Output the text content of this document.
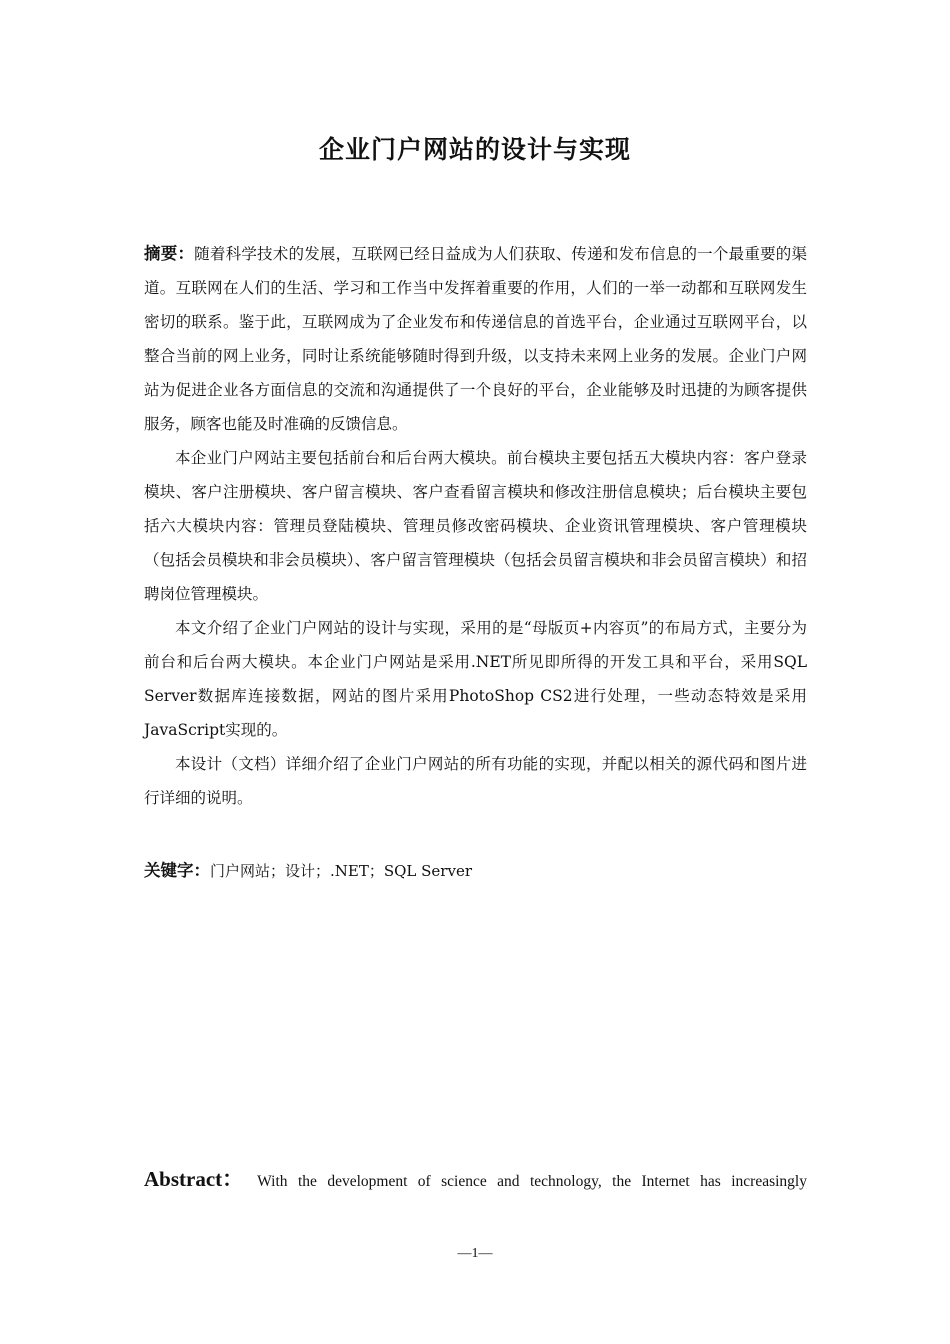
企业门户网站的设计与实现

摘要：随着科学技术的发展，互联网已经日益成为人们获取、传递和发布信息的一个最重要的渠道。互联网在人们的生活、学习和工作当中发挥着重要的作用，人们的一举一动都和互联网发生密切的联系。鉴于此，互联网成为了企业发布和传递信息的首选平台，企业通过互联网平台，以整合当前的网上业务，同时让系统能够随时得到升级，以支持未来网上业务的发展。企业门户网站为促进企业各方面信息的交流和沟通提供了一个良好的平台，企业能够及时迅捷的为顾客提供服务，顾客也能及时准确的反馈信息。

本企业门户网站主要包括前台和后台两大模块。前台模块主要包括五大模块内容：客户登录模块、客户注册模块、客户留言模块、客户查看留言模块和修改注册信息模块；后台模块主要包括六大模块内容：管理员登陆模块、管理员修改密码模块、企业资讯管理模块、客户管理模块（包括会员模块和非会员模块）、客户留言管理模块（包括会员留言模块和非会员留言模块）和招聘岗位管理模块。

本文介绍了企业门户网站的设计与实现，采用的是“母版页+内容页”的布局方式，主要分为前台和后台两大模块。本企业门户网站是采用.NET所见即所得的开发工具和平台，采用SQL Server数据库连接数据，网站的图片采用PhotoShop CS2进行处理，一些动态特效是采用JavaScript实现的。

本设计（文档）详细介绍了企业门户网站的所有功能的实现，并配以相关的源代码和图片进行详细的说明。

关键字：门户网站；设计；.NET；SQL Server

Abstract： With the development of science and technology, the Internet has increasingly

—1—
